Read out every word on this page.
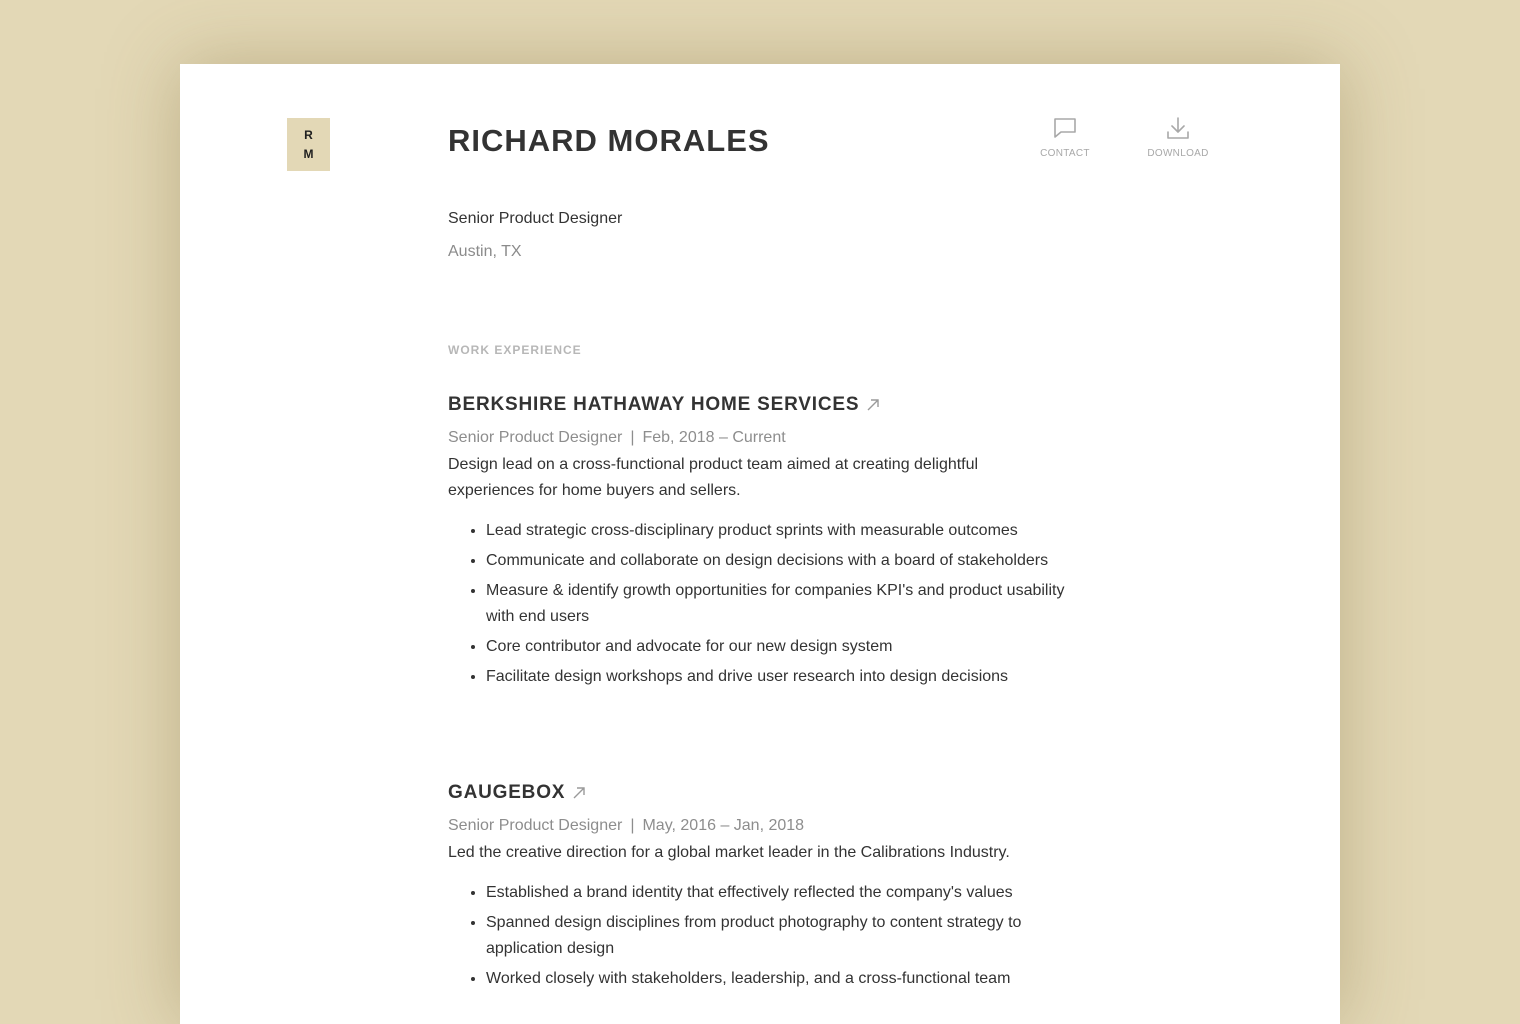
R
M	RICHARD MORALES	CONTACT	DOWNLOAD
Senior Product Designer
Austin, TX
WORK EXPERIENCE
BERKSHIRE HATHAWAY HOME SERVICES
Senior Product Designer | Feb, 2018 – Current
Design lead on a cross-functional product team aimed at creating delightful experiences for home buyers and sellers.
• Lead strategic cross-disciplinary product sprints with measurable outcomes
• Communicate and collaborate on design decisions with a board of stakeholders
• Measure & identify growth opportunities for companies KPI's and product usability with end users
• Core contributor and advocate for our new design system
• Facilitate design workshops and drive user research into design decisions
GAUGEBOX
Senior Product Designer | May, 2016 – Jan, 2018
Led the creative direction for a global market leader in the Calibrations Industry.
• Established a brand identity that effectively reflected the company's values
• Spanned design disciplines from product photography to content strategy to application design
• Worked closely with stakeholders, leadership, and a cross-functional team
